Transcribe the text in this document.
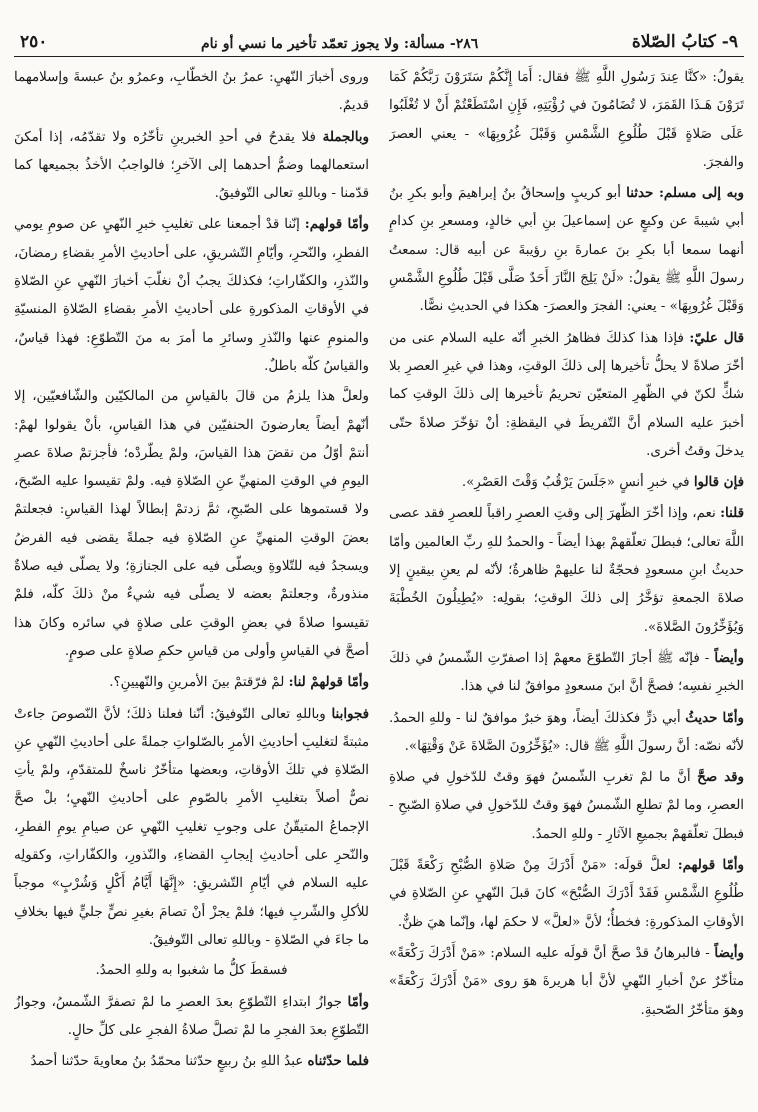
٩- كتابُ الصّلاة
٢٨٦- مسألة: ولا يجوز تعمّد تأخير ما نسي أو نام
٢٥٠

يقولُ: «كنَّا عِندَ رَسُولِ اللَّهِ ﷺ فقال: أَمَا إِنَّكُمْ سَتَرَوْنَ رَبَّكُمْ كَمَا تَرَوْنَ هَـذَا القَمَرَ، لا تُضَامُونَ في رُؤْيَتِهِ، فَإِنِ اسْتَطَعْتُمْ أَنْ لا تُغْلَبُوا عَلَى صَلاةٍ قَبْلَ طُلُوعِ الشَّمْسِ وَقَبْلَ غُرُوبِهَا» - يعني العصرَ والفجرَ.

وبه إلى مسلم: حدثنا أبو كريبٍ وإسحاقُ بنُ إبراهيمَ وأبو بكرِ بنُ أبي شيبةَ عن وكيعٍ عن إسماعيلَ بنِ أبي خالدٍ، ومسعرِ بنِ كدامٍ أنهما سمعا أبا بكرِ بنَ عمارةَ بنِ رؤيبةَ عن أبيه قال: سمعتُ رسولَ اللَّهِ ﷺ يقولُ: «لَنْ يَلِجَ النَّارَ أَحَدٌ صَلَّى قَبْلَ طُلُوعِ الشَّمْسِ وَقَبْلَ غُرُوبِهَا» - يعني: الفجرَ والعصرَ- هكذا في الحديثِ نصًّا.

قال عليّ: فإذا هذا كذلكَ فظاهرُ الخبرِ أنّه عليه السلام عنى من أخّرَ صلاةً لا يحلُّ تأخيرها إلى ذلكَ الوقتِ، وهذا في غيرِ العصرِ بلا شكٍّ لكنّ في الظّهرِ المتعيّن تحريمُ تأخيرها إلى ذلكَ الوقتِ كما أخبرَ عليه السلام أنَّ التّفريطَ في اليقظةِ: أنْ تؤخّرَ صلاةً حتّى يدخلَ وقتُ أخرى.

فإن قالوا في خبرِ أنسٍ «جَلَسَ يَرْقُبُ وَقْتَ العَصْرِ».

قلنا: نعم، وإذا أخّرَ الظّهرَ إلى وقتِ العصرِ راقباً للعصرِ فقد عصى اللَّهَ تعالى؛ فبطلَ تعلّقهمْ بهذا أيضاً - والحمدُ للهِ ربِّ العالمين وأمّا حديثُ ابنِ مسعودٍ فحجّةٌ لنا عليهمْ ظاهرةٌ؛ لأنّه لم يعنِ بيقينٍ إلا صلاةَ الجمعةِ تؤخَّرُ إلى ذلكَ الوقتِ؛ بقولِه: «يُطِيلُونَ الخُطْبَةَ وَيُؤَخِّرُونَ الصَّلاةَ».

وأيضاً - فإنّه ﷺ أجازَ التّطوّعَ معهمْ إذا اصفرّتِ الشّمسُ في ذلكَ الخبرِ نفسِه؛ فصحَّ أنَّ ابنَ مسعودٍ موافقٌ لنا في هذا.

وأمّا حديثُ أبي ذرٍّ فكذلكَ أيضاً، وهوَ خبرٌ موافقٌ لنا - وللهِ الحمدُ. لأنّه نصّه: أنَّ رسولَ اللَّهِ ﷺ قال: «يُؤَخِّرُونَ الصَّلاةَ عَنْ وَقْتِهَا».

وقد صحَّ أنَّ ما لمْ تغربِ الشّمسُ فهوَ وقتٌ للدّخولِ في صلاةِ العصرِ، وما لمْ تطلعِ الشّمسُ فهوَ وقتٌ للدّخولِ في صلاةِ الصّبحِ - فبطلَ تعلّقهمْ بجميعِ الآثارِ - وللهِ الحمدُ.

وأمّا قولهم: لعلَّ قولَه: «مَنْ أَدْرَكَ مِنْ صَلاةِ الصُّبْحِ رَكْعَةً قَبْلَ طُلُوعِ الشَّمْسِ فَقَدْ أَدْرَكَ الصُّبْحَ» كانَ قبلَ النّهيِ عنِ الصّلاةِ في الأوقاتِ المذكورةِ: فخطأٌ؛ لأنَّ «لعلَّ» لا حكمَ لها، وإنّما هيَ ظنٌّ.

وأيضاً - فالبرهانُ قدْ صحَّ أنَّ قولَه عليه السلام: «مَنْ أَدْرَكَ رَكْعَةً» متأخّرٌ عنْ أخبارِ النّهيِ لأنَّ أبا هريرةَ هوَ روى «مَنْ أَدْرَكَ رَكْعَةً» وهوَ متأخّرُ الصّحبةِ.

وروى أخبارَ النّهيِ: عمرُ بنُ الخطّابِ، وعمرُو بنُ عبسةَ وإسلامهما قديمٌ.

وبالجملة فلا يقدحُ في أحدِ الخبرينِ تأخّرُه ولا تقدّمُه، إذا أمكنَ استعمالهما وضمُّ أحدهما إلى الآخرِ؛ فالواجبُ الأخذُ بجميعها كما قدّمنا - وباللهِ تعالى التّوفيقُ.

وأمّا قولهم: إنّنا قدْ أجمعنا على تغليبِ خبرِ النّهيِ عن صومِ يومي الفطرِ، والنّحرِ، وأيّامِ التّشريقِ، على أحاديثِ الأمرِ بقضاءِ رمضانَ، والنّذرِ، والكفّاراتِ؛ فكذلكَ يجبُ أنْ نغلّبَ أخبارَ النّهيِ عنِ الصّلاةِ في الأوقاتِ المذكورةِ على أحاديثِ الأمرِ بقضاءِ الصّلاةِ المنسيّةِ والمنومِ عنها والنّذرِ وسائرِ ما أمرَ به منَ التّطوّعِ: فهذا قياسٌ، والقياسُ كلّه باطلٌ.

ولعلَّ هذا يلزمُ من قالَ بالقياسِ من المالكيّين والشّافعيّين، إلا أنّهمْ أيضاً يعارضونَ الحنفيّين في هذا القياسِ، بأنْ يقولوا لهمْ: أنتمْ أوّلُ من نقضَ هذا القياسَ، ولمْ يطّردْه؛ فأجزتمْ صلاةَ عصرِ اليومِ في الوقتِ المنهيِّ عنِ الصّلاةِ فيه. ولمْ تقيسوا عليه الصّبحَ، ولا قستموها على الصّبحِ، ثمَّ زدتمْ إبطالاً لهذا القياسِ: فجعلتمْ بعضَ الوقتِ المنهيِّ عنِ الصّلاةِ فيه جملةً يقضى فيه الفرضُ ويسجدُ فيه للتّلاوةِ ويصلّى فيه على الجنازةِ؛ ولا يصلّى فيه صلاةٌ منذورةٌ، وجعلتمْ بعضه لا يصلّى فيه شيءٌ منْ ذلكَ كلّه، فلمْ تقيسوا صلاةً في بعضِ الوقتِ على صلاةٍ في سائره وكانَ هذا أصحَّ في القياسِ وأولى من قياسِ حكمِ صلاةٍ على صومٍ.

وأمّا قولهمْ لنا: لمْ فرّقتمْ بينَ الأمرينِ والنّهيينِ؟.

فجوابنا وباللهِ تعالى التّوفيقُ: أنّنا فعلنا ذلكَ؛ لأنَّ النّصوصَ جاءتْ مثبتةً لتغليبِ أحاديثِ الأمرِ بالصّلواتِ جملةً على أحاديثِ النّهيِ عنِ الصّلاةِ في تلكَ الأوقاتِ، وبعضها متأخّرٌ ناسخٌ للمتقدّمِ، ولمْ يأتِ نصٌّ أصلاً بتغليبِ الأمرِ بالصّومِ على أحاديثِ النّهيِ؛ بلْ صحَّ الإجماعُ المتيقّنُ على وجوبِ تغليبِ النّهيِ عن صيامِ يومِ الفطرِ، والنّحرِ على أحاديثِ إيجابِ القضاءِ، والنّذورِ، والكفّاراتِ، وكقولِه عليه السلام في أيّامِ التّشريقِ: «إِنَّهَا أَيَّامُ أَكْلٍ وَشُرْبٍ» موجباً للأكلِ والشّربِ فيها؛ فلمْ يجزْ أنْ تصامَ بغيرِ نصٍّ جليٍّ فيها بخلافِ ما جاءَ في الصّلاةِ - وباللهِ تعالى التّوفيقُ.

فسقطَ كلُّ ما شغبوا به وللهِ الحمدُ.

وأمّا جوازُ ابتداءِ التّطوّعِ بعدَ العصرِ ما لمْ تصفرَّ الشّمسُ، وجوازُ التّطوّعِ بعدَ الفجرِ ما لمْ تصلَّ صلاةُ الفجرِ على كلِّ حالٍ.

فلما حدّثناه عبدُ اللهِ بنُ ربيعٍ حدّثنا محمّدُ بنُ معاويةَ حدّثنا أحمدُ
